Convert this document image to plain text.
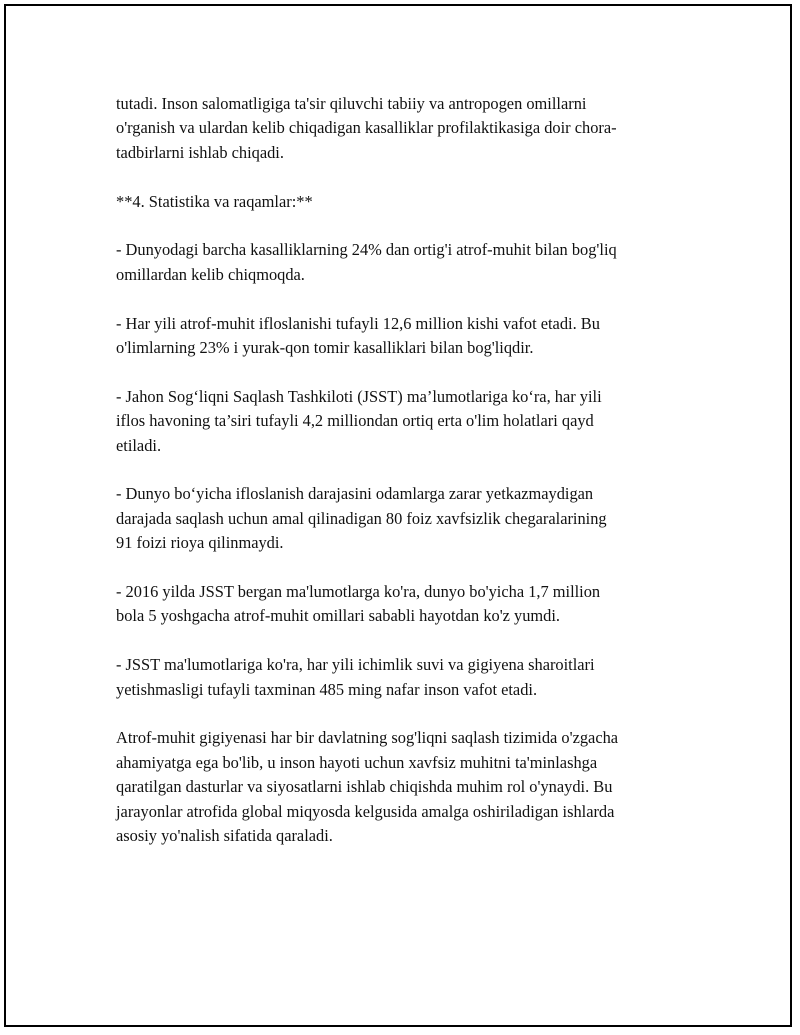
tutadi. Inson salomatligiga ta'sir qiluvchi tabiiy va antropogen omillarni
o'rganish va ulardan kelib chiqadigan kasalliklar profilaktikasiga doir chora-
tadbirlarni ishlab chiqadi.

**4. Statistika va raqamlar:**

- Dunyodagi barcha kasalliklarning 24% dan ortig'i atrof-muhit bilan bog'liq
omillardan kelib chiqmoqda.

- Har yili atrof-muhit ifloslanishi tufayli 12,6 million kishi vafot etadi. Bu
o'limlarning 23% i yurak-qon tomir kasalliklari bilan bog'liqdir.

- Jahon Sog‘liqni Saqlash Tashkiloti (JSST) ma’lumotlariga ko‘ra, har yili
iflos havoning ta’siri tufayli 4,2 milliondan ortiq erta o'lim holatlari qayd
etiladi.

- Dunyo bo‘yicha ifloslanish darajasini odamlarga zarar yetkazmaydigan
darajada saqlash uchun amal qilinadigan 80 foiz xavfsizlik chegaralarining
91 foizi rioya qilinmaydi.

- 2016 yilda JSST bergan ma'lumotlarga ko'ra, dunyo bo'yicha 1,7 million
bola 5 yoshgacha atrof-muhit omillari sababli hayotdan ko'z yumdi.

- JSST ma'lumotlariga ko'ra, har yili ichimlik suvi va gigiyena sharoitlari
yetishmasligi tufayli taxminan 485 ming nafar inson vafot etadi.

Atrof-muhit gigiyenasi har bir davlatning sog'liqni saqlash tizimida o'zgacha
ahamiyatga ega bo'lib, u inson hayoti uchun xavfsiz muhitni ta'minlashga
qaratilgan dasturlar va siyosatlarni ishlab chiqishda muhim rol o'ynaydi. Bu
jarayonlar atrofida global miqyosda kelgusida amalga oshiriladigan ishlarda
asosiy yo'nalish sifatida qaraladi.
